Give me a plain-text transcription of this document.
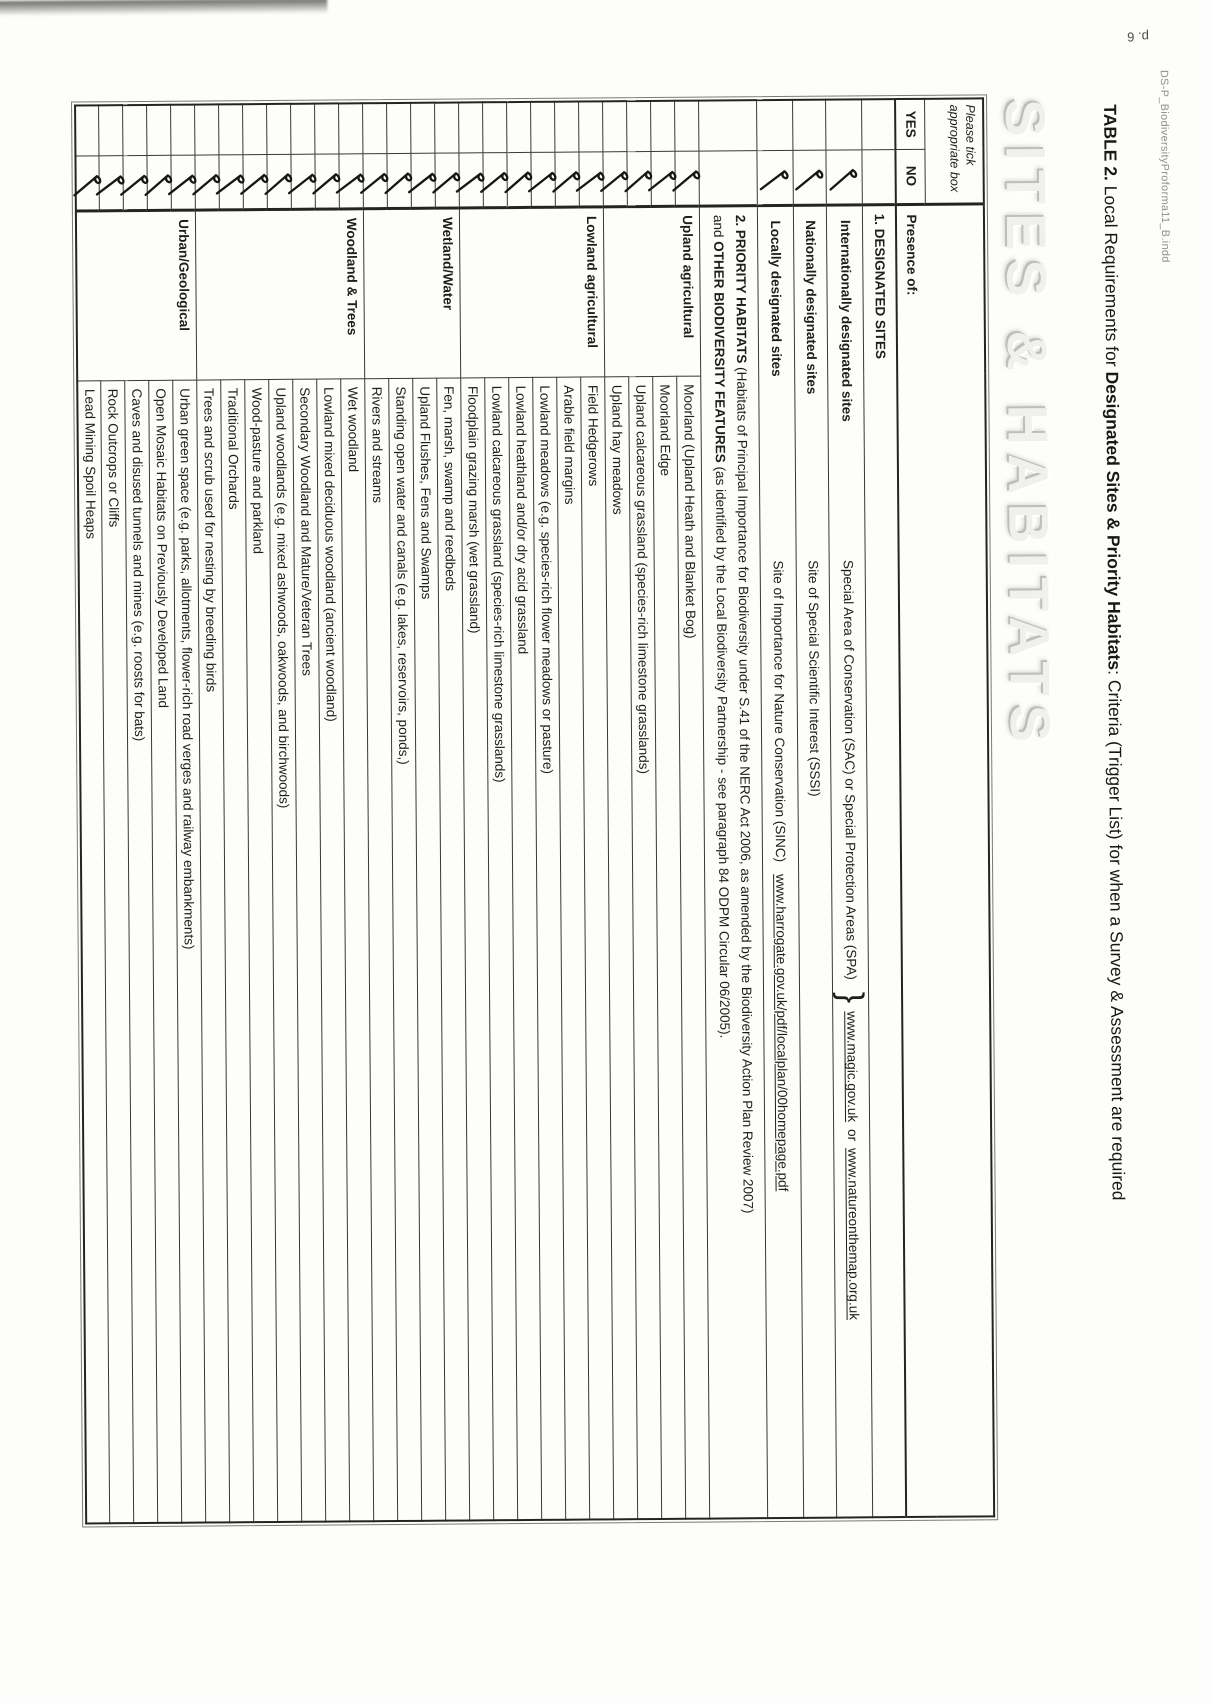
p. 6
DS-P_BiodiversityProforma11_B.indd
TABLE 2. Local Requirements for Designated Sites & Priority Habitats: Criteria (Trigger List) for when a Survey & Assessment are required
SITES & HABITATS
Please tick appropriate box		Presence of:	
YES	NO		
		1. DESIGNATED SITES	

Internationally designated sites
Special Area of Conservation (SAC) or Special Protection Areas (SPA)
}
www.magic.gov.uk
or
www.natureonthemap.org.uk

Nationally designated sites
Site of Special Scientific Interest (SSSI)	

Locally designated sites
Site of Importance for Nature Conservation (SINC)
www.harrogate.gov.uk/pdf/localplan/00homepage.pdf	

		2. PRIORITY HABITATS (Habitats of Principal Importance for Biodiversity under S.41 of the NERC Act 2006, as amended by the Biodiversity Action Plan Review 2007)
and OTHER BIODIVERSITY FEATURES (as identified by the Local Biodiversity Partnership - see paragraph 84 ODPM Circular 06/2005).	

	Upland agricultural	Moorland (Upland Heath and Blanket Bog)

	Moorland Edge

	Upland calcareous grassland (species-rich limestone grasslands)

	Upland hay meadows

	Lowland agricultural	Field Hedgerows

	Arable field margins

	Lowland meadows (e.g. species-rich flower meadows or pasture)

	Lowland heathland and/or dry acid grassland

	Lowland calcareous grassland (species-rich limestone grasslands)

	Floodplain grazing marsh (wet grassland)

	Wetland/Water	Fen, marsh, swamp and reedbeds

	Upland Flushes, Fens and Swamps

	Standing open water and canals (e.g. lakes, reservoirs, ponds,)

	Rivers and streams

	Woodland & Trees	Wet woodland

	Lowland mixed deciduous woodland (ancient woodland)

	Secondary Woodland and Mature/Veteran Trees

	Upland woodlands (e.g. mixed ashwoods, oakwoods, and birchwoods)

	Wood-pasture and parkland

	Traditional Orchards

	Trees and scrub used for nesting by breeding birds

	Urban/Geological	Urban green space (e.g. parks, allotments, flower-rich road verges and railway embankments)

	Open Mosaic Habitats on Previously Developed Land

	Caves and disused tunnels and mines (e.g. roosts for bats)

	Rock Outcrops or Cliffs

	Lead Mining Spoil Heaps
